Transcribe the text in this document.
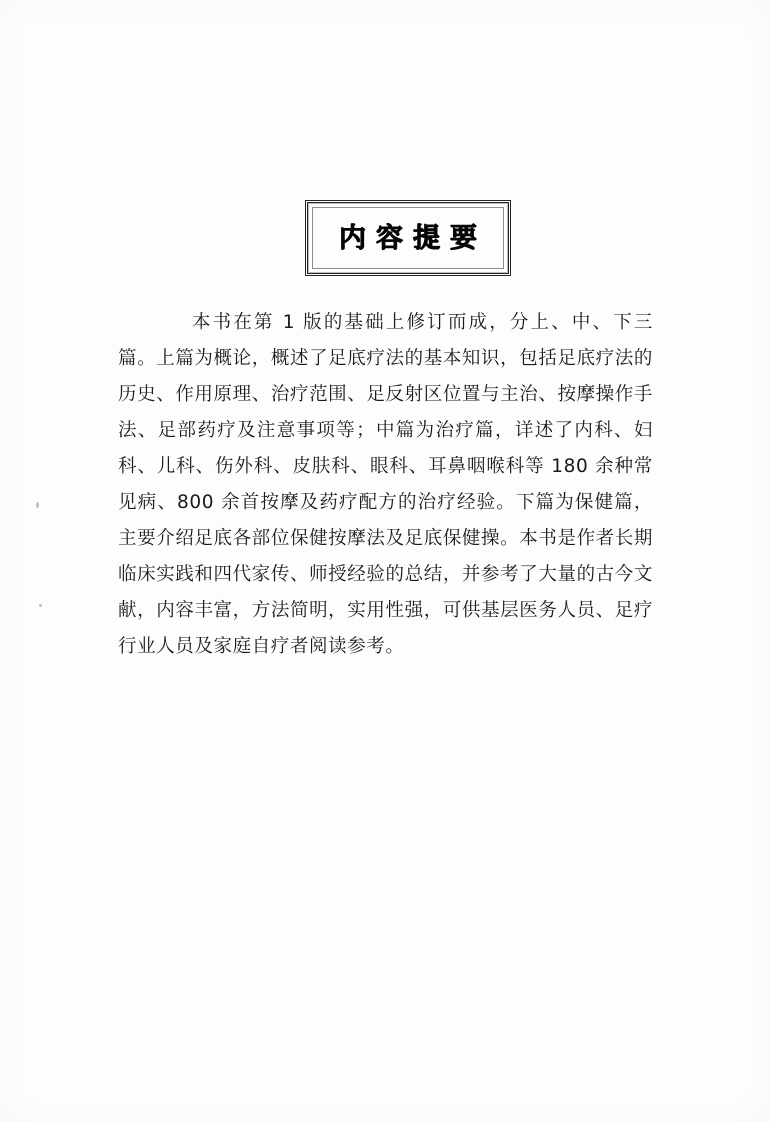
内容提要
本书在第 1 版的基础上修订而成，分上、中、下三篇。上篇为概论，概述了足底疗法的基本知识，包括足底疗法的历史、作用原理、治疗范围、足反射区位置与主治、按摩操作手法、足部药疗及注意事项等；中篇为治疗篇，详述了内科、妇科、儿科、伤外科、皮肤科、眼科、耳鼻咽喉科等 180 余种常见病、800 余首按摩及药疗配方的治疗经验。下篇为保健篇，主要介绍足底各部位保健按摩法及足底保健操。本书是作者长期临床实践和四代家传、师授经验的总结，并参考了大量的古今文献，内容丰富，方法简明，实用性强，可供基层医务人员、足疗行业人员及家庭自疗者阅读参考。
